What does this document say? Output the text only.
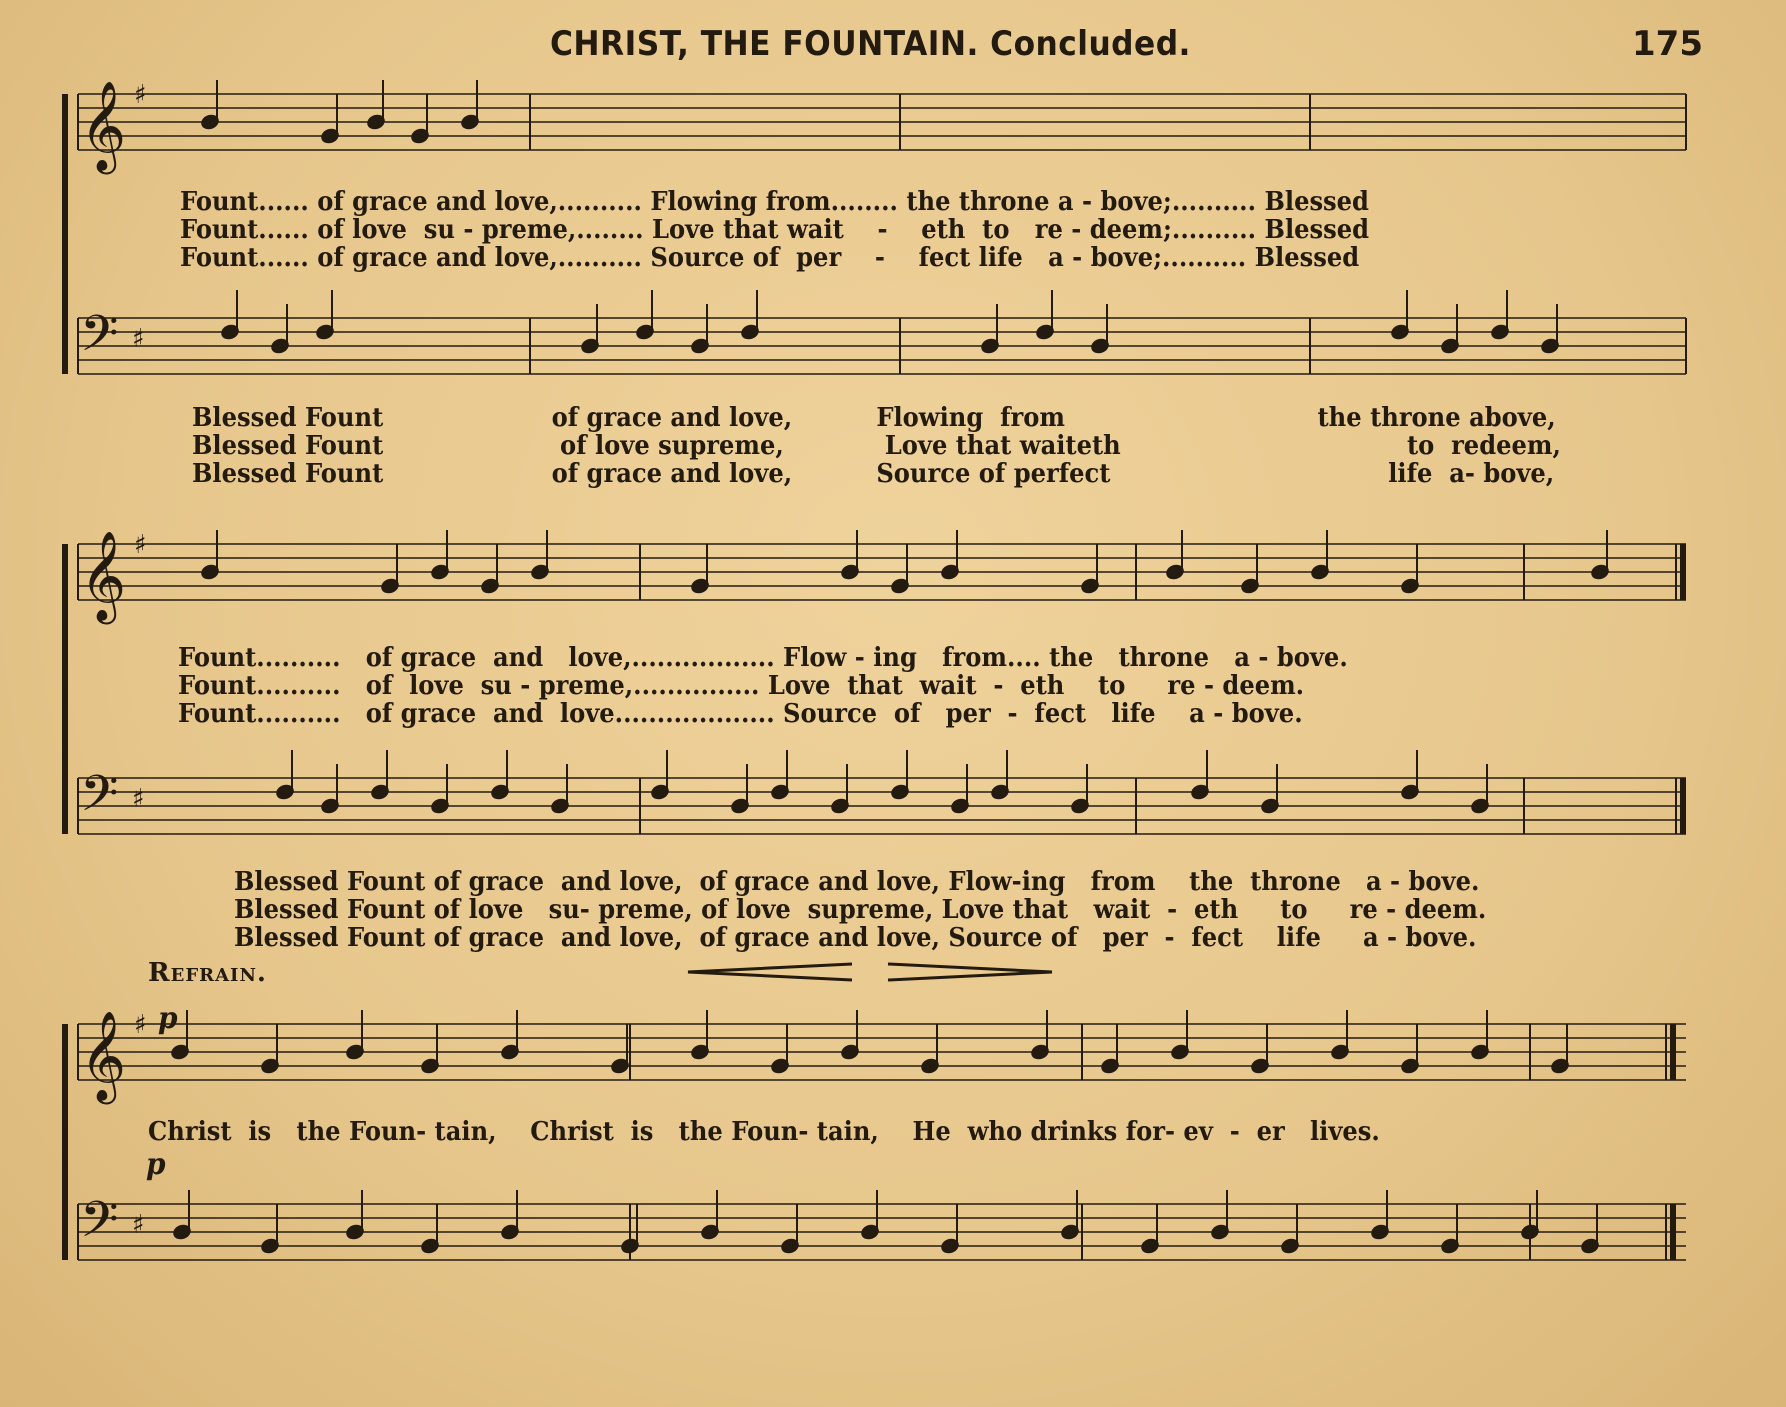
CHRIST, THE FOUNTAIN. Concluded.	175
𝄞
𝄢
𝄞
𝄢
𝄞
𝄢
♯
♯
♯
♯
♯
♯
Fount...... of grace and love,.......... Flowing from........ the throne a - bove;.......... Blessed
Fount...... of love  su - preme,........ Love that wait    -    eth  to   re - deem;.......... Blessed
Fount...... of grace and love,.......... Source of  per    -    fect life   a - bove;.......... Blessed
Blessed Fount                    of grace and love,          Flowing  from                              the throne above,
Blessed Fount                     of love supreme,            Love that waiteth                                  to  redeem,
Blessed Fount                    of grace and love,          Source of perfect                                 life  a- bove,
Fount..........   of grace  and   love,................. Flow - ing   from.... the   throne   a - bove.
Fount..........   of  love  su - preme,............... Love  that  wait  -  eth    to     re - deem.
Fount..........   of grace  and  love................... Source  of   per  -  fect   life    a - bove.
Blessed Fount of grace  and love,  of grace and love, Flow-ing   from    the  throne   a - bove.
Blessed Fount of love   su- preme, of love  supreme, Love that   wait  -  eth     to     re - deem.
Blessed Fount of grace  and love,  of grace and love, Source of   per  -  fect    life     a - bove.
Refrain.
p
Christ  is   the Foun- tain,    Christ  is   the Foun- tain,    He  who drinks for- ev  -  er   lives.
p
